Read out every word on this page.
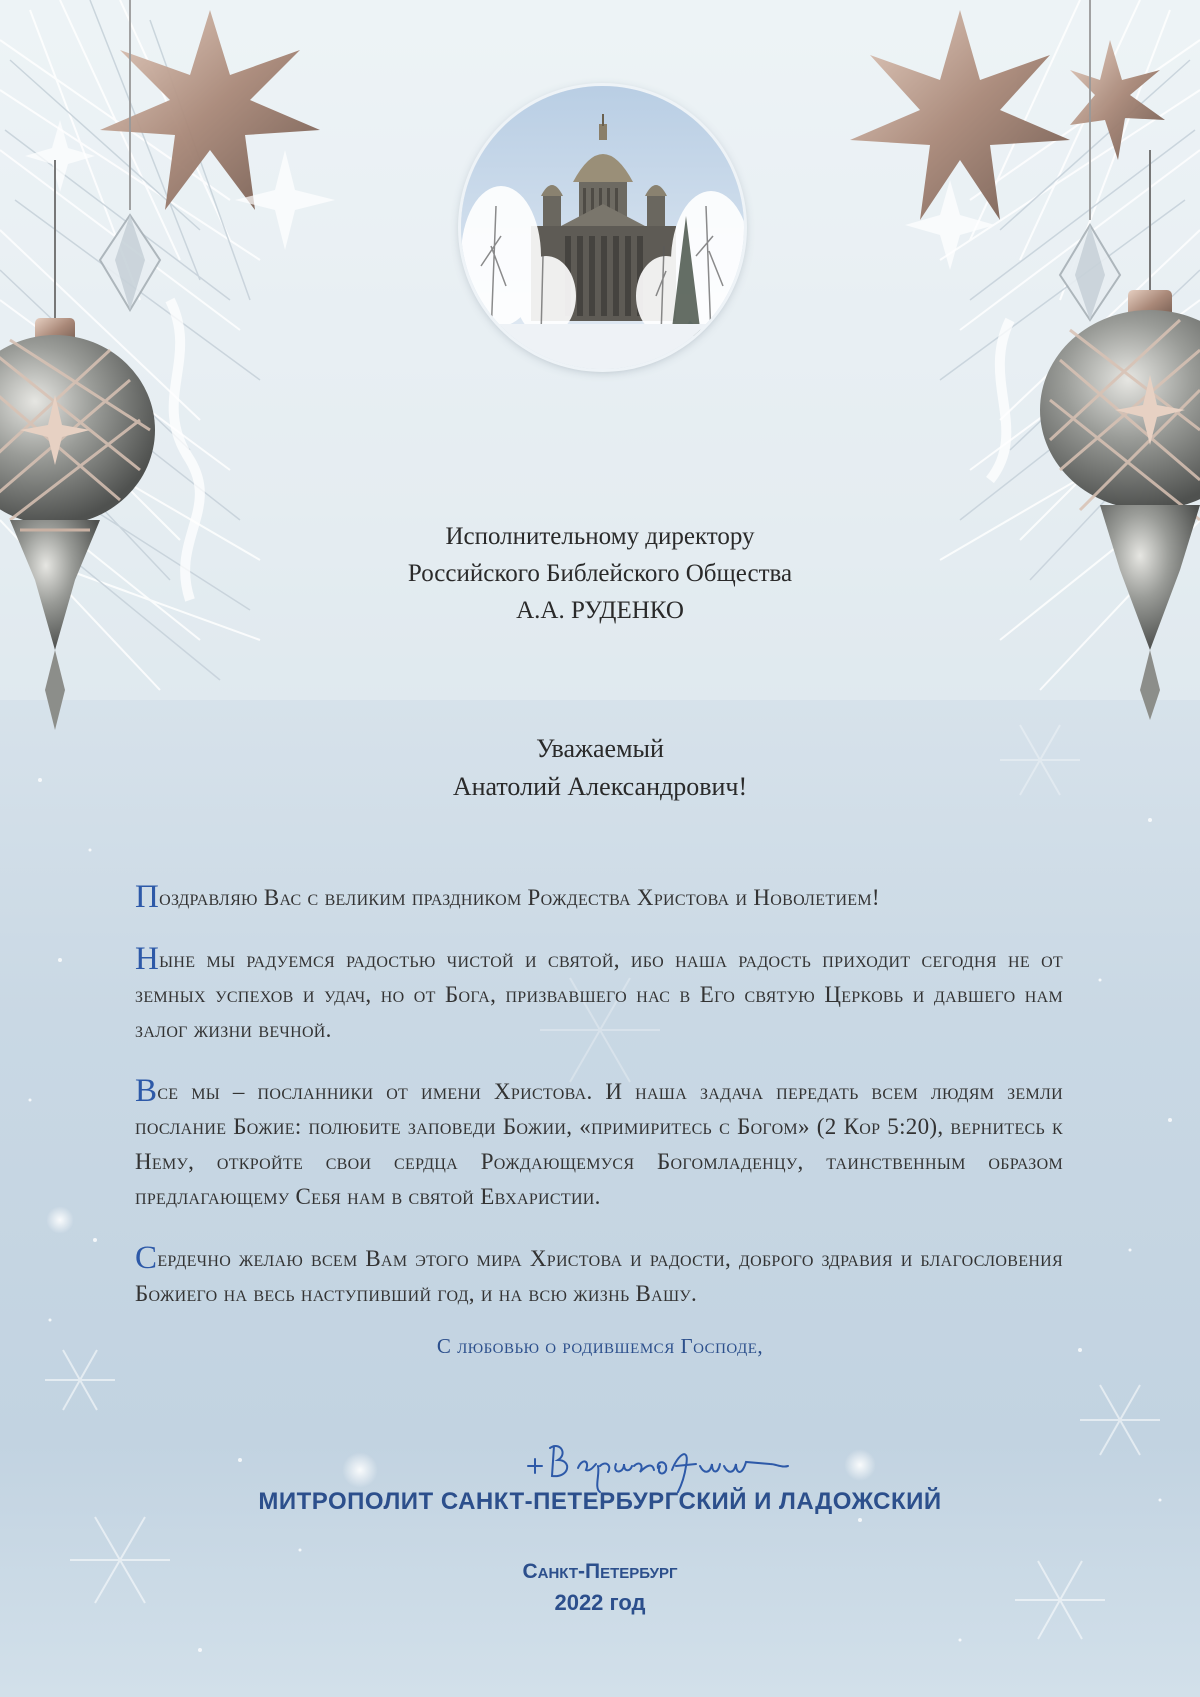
Исполнительному директору
Российского Библейского Общества
А.А. РУДЕНКО
Уважаемый
Анатолий Александрович!

Поздравляю Вас с великим праздником Рождества Христова и Новолетием!

Ныне мы радуемся радостью чистой и святой, ибо наша радость приходит сегодня не от земных успехов и удач, но от Бога, призвавшего нас в Его святую Церковь и давшего нам залог жизни вечной.

Все мы – посланники от имени Христова. И наша задача передать всем людям земли послание Божие: полюбите заповеди Божии, «примиритесь с Богом» (2 Кор 5:20), вернитесь к Нему, откройте свои сердца Рождающемуся Богомладенцу, таинственным образом предлагающему Себя нам в святой Евхаристии.

Сердечно желаю всем Вам этого мира Христова и радости, доброго здравия и благословения Божиего на весь наступивший год, и на всю жизнь Вашу.

С любовью о родившемся Господе,
МИТРОПОЛИТ САНКТ-ПЕТЕРБУРГСКИЙ И ЛАДОЖСКИЙ
Санкт-Петербург
2022 год
